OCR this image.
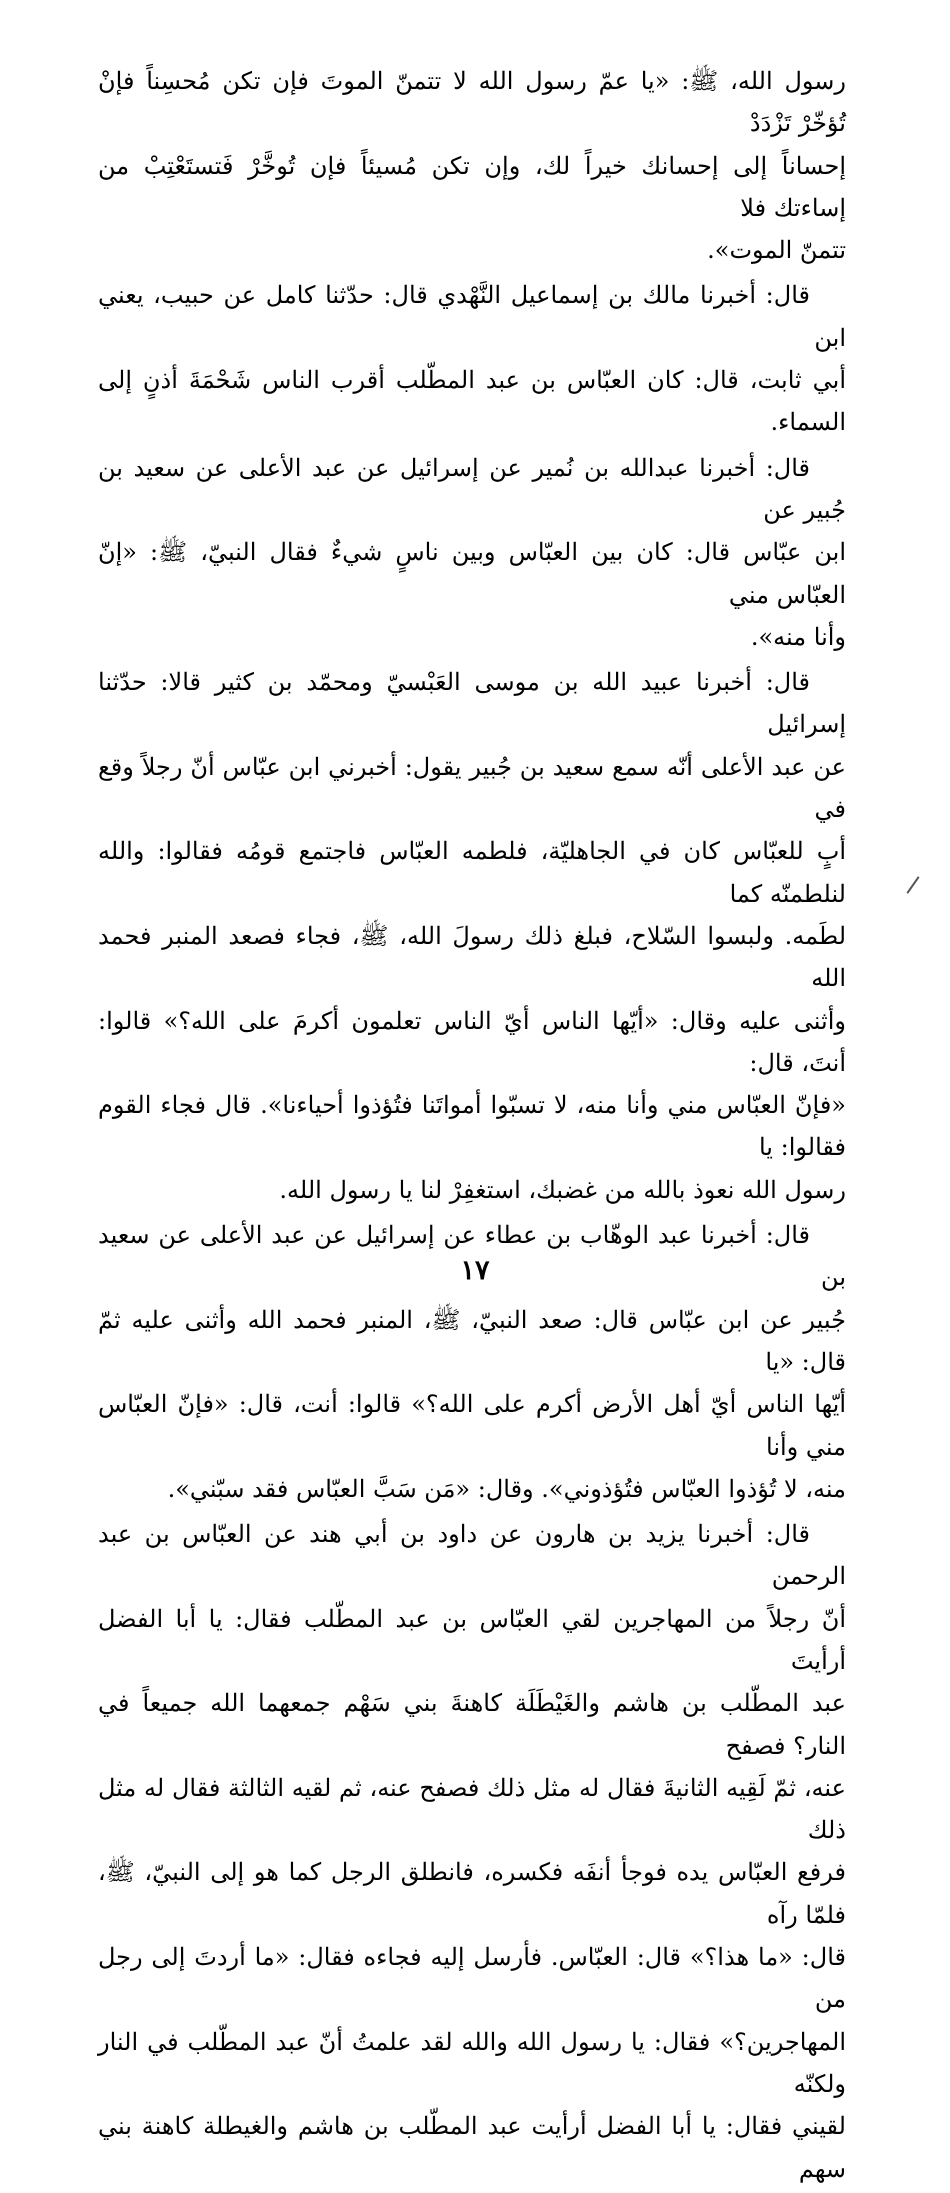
رسول الله، ﷺ: «يا عمّ رسول الله لا تتمنّ الموتَ فإن تكن مُحسِناً فإنْ تُؤخّرْ تَزْدَدْ
إحساناً إلى إحسانك خيراً لك، وإن تكن مُسيئاً فإن تُوخَّرْ فَتستَعْتِبْ من إساءتك فلا
تتمنّ الموت».

قال: أخبرنا مالك بن إسماعيل النَّهْدي قال: حدّثنا كامل عن حبيب، يعني ابن
أبي ثابت، قال: كان العبّاس بن عبد المطّلب أقرب الناس شَحْمَةَ أذنٍ إلى السماء.

قال: أخبرنا عبدالله بن نُمير عن إسرائيل عن عبد الأعلى عن سعيد بن جُبير عن
ابن عبّاس قال: كان بين العبّاس وبين ناسٍ شيءٌ فقال النبيّ، ﷺ: «إنّ العبّاس مني
وأنا منه».

قال: أخبرنا عبيد الله بن موسى العَبْسيّ ومحمّد بن كثير قالا: حدّثنا إسرائيل
عن عبد الأعلى أنّه سمع سعيد بن جُبير يقول: أخبرني ابن عبّاس أنّ رجلاً وقع في
أبٍ للعبّاس كان في الجاهليّة، فلطمه العبّاس فاجتمع قومُه فقالوا: والله لنلطمنّه كما
لطَمه. ولبسوا السّلاح، فبلغ ذلك رسولَ الله، ﷺ، فجاء فصعد المنبر فحمد الله
وأثنى عليه وقال: «أيّها الناس أيّ الناس تعلمون أكرمَ على الله؟» قالوا: أنتَ، قال:
«فإنّ العبّاس مني وأنا منه، لا تسبّوا أمواتَنا فتُؤذوا أحياءنا». قال فجاء القوم فقالوا: يا
رسول الله نعوذ بالله من غضبك، استغفِرْ لنا يا رسول الله.

قال: أخبرنا عبد الوهّاب بن عطاء عن إسرائيل عن عبد الأعلى عن سعيد بن
جُبير عن ابن عبّاس قال: صعد النبيّ، ﷺ، المنبر فحمد الله وأثنى عليه ثمّ قال: «يا
أيّها الناس أيّ أهل الأرض أكرم على الله؟» قالوا: أنت، قال: «فإنّ العبّاس مني وأنا
منه، لا تُؤذوا العبّاس فتُؤذوني». وقال: «مَن سَبَّ العبّاس فقد سبّني».

قال: أخبرنا يزيد بن هارون عن داود بن أبي هند عن العبّاس بن عبد الرحمن
أنّ رجلاً من المهاجرين لقي العبّاس بن عبد المطّلب فقال: يا أبا الفضل أرأيتَ
عبد المطّلب بن هاشم والغَيْطَلَة كاهنةَ بني سَهْم جمعهما الله جميعاً في النار؟ فصفح
عنه، ثمّ لَقِيه الثانيةَ فقال له مثل ذلك فصفح عنه، ثم لقيه الثالثة فقال له مثل ذلك
فرفع العبّاس يده فوجأ أنفَه فكسره، فانطلق الرجل كما هو إلى النبيّ، ﷺ، فلمّا رآه
قال: «ما هذا؟» قال: العبّاس. فأرسل إليه فجاءه فقال: «ما أردتَ إلى رجل من
المهاجرين؟» فقال: يا رسول الله والله لقد علمتُ أنّ عبد المطّلب في النار ولكنّه
لقيني فقال: يا أبا الفضل أرأيت عبد المطّلب بن هاشم والغيطلة كاهنة بني سهم

١٧
